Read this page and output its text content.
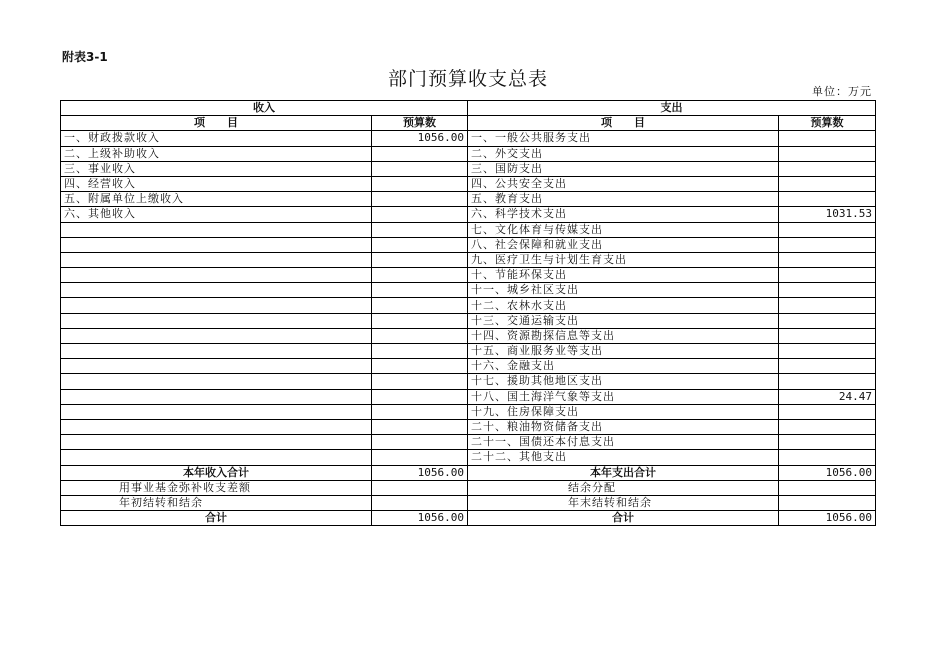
附表3-1
部门预算收支总表
单位：万元
收入		支出	
项　　目	预算数	项　　目	预算数
一、财政拨款收入	1056.00	一、一般公共服务支出	
二、上级补助收入		二、外交支出	
三、事业收入		三、国防支出	
四、经营收入		四、公共安全支出	
五、附属单位上缴收入		五、教育支出	
六、其他收入		六、科学技术支出	1031.53
		七、文化体育与传媒支出	
		八、社会保障和就业支出	
		九、医疗卫生与计划生育支出	
		十、节能环保支出	
		十一、城乡社区支出	
		十二、农林水支出	
		十三、交通运输支出	
		十四、资源勘探信息等支出	
		十五、商业服务业等支出	
		十六、金融支出	
		十七、援助其他地区支出	
		十八、国土海洋气象等支出	24.47
		十九、住房保障支出	
		二十、粮油物资储备支出	
		二十一、国债还本付息支出	
		二十二、其他支出	
本年收入合计	1056.00	本年支出合计	1056.00
用事业基金弥补收支差额		结余分配	
年初结转和结余		年末结转和结余	
合计	1056.00	合计	1056.00
